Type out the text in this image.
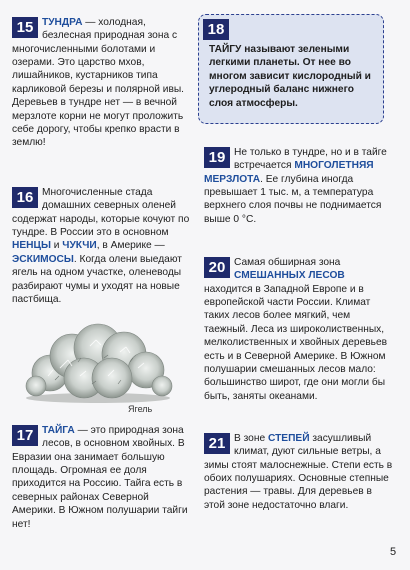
15 ТУНДРА — холодная, безлесная природная зона с многочисленными болотами и озерами. Это царство мхов, лишайников, кустарников типа карликовой березы и полярной ивы. Деревьев в тундре нет — в вечной мерзлоте корни не могут проложить себе дорогу, чтобы крепко врасти в землю!

18

ТАЙГУ называют зелеными легкими планеты. От нее во многом зависит кислородный и углеродный баланс нижнего слоя атмосферы.

16 Многочисленные стада домашних северных оленей содержат народы, которые кочуют по тундре. В России это в основном НЕНЦЫ и ЧУКЧИ, в Америке — ЭСКИМОСЫ. Когда олени выедают ягель на одном участке, оленеводы разбирают чумы и уходят на новые пастбища.

19 Не только в тундре, но и в тайге встречается МНОГОЛЕТНЯЯ МЕРЗЛОТА. Ее глубина иногда превышает 1 тыс. м, а температура верхнего слоя почвы не поднимается выше 0 °С.

20 Самая обширная зона СМЕШАННЫХ ЛЕСОВ находится в Западной Европе и в европейской части России. Климат таких лесов более мягкий, чем таежный. Леса из широколиственных, мелколиственных и хвойных деревьев есть и в Северной Америке. В Южном полушарии смешанных лесов мало: большинство широт, где они могли бы быть, заняты океанами.

Ягель

17 ТАЙГА — это природная зона лесов, в основном хвойных. В Евразии она занимает большую площадь. Огромная ее доля приходится на Россию. Тайга есть в северных районах Северной Америки. В Южном полушарии тайги нет!

21 В зоне СТЕПЕЙ засушливый климат, дуют сильные ветры, а зимы стоят малоснежные. Степи есть в обоих полушариях. Основные степные растения — травы. Для деревьев в этой зоне недостаточно влаги.

5
